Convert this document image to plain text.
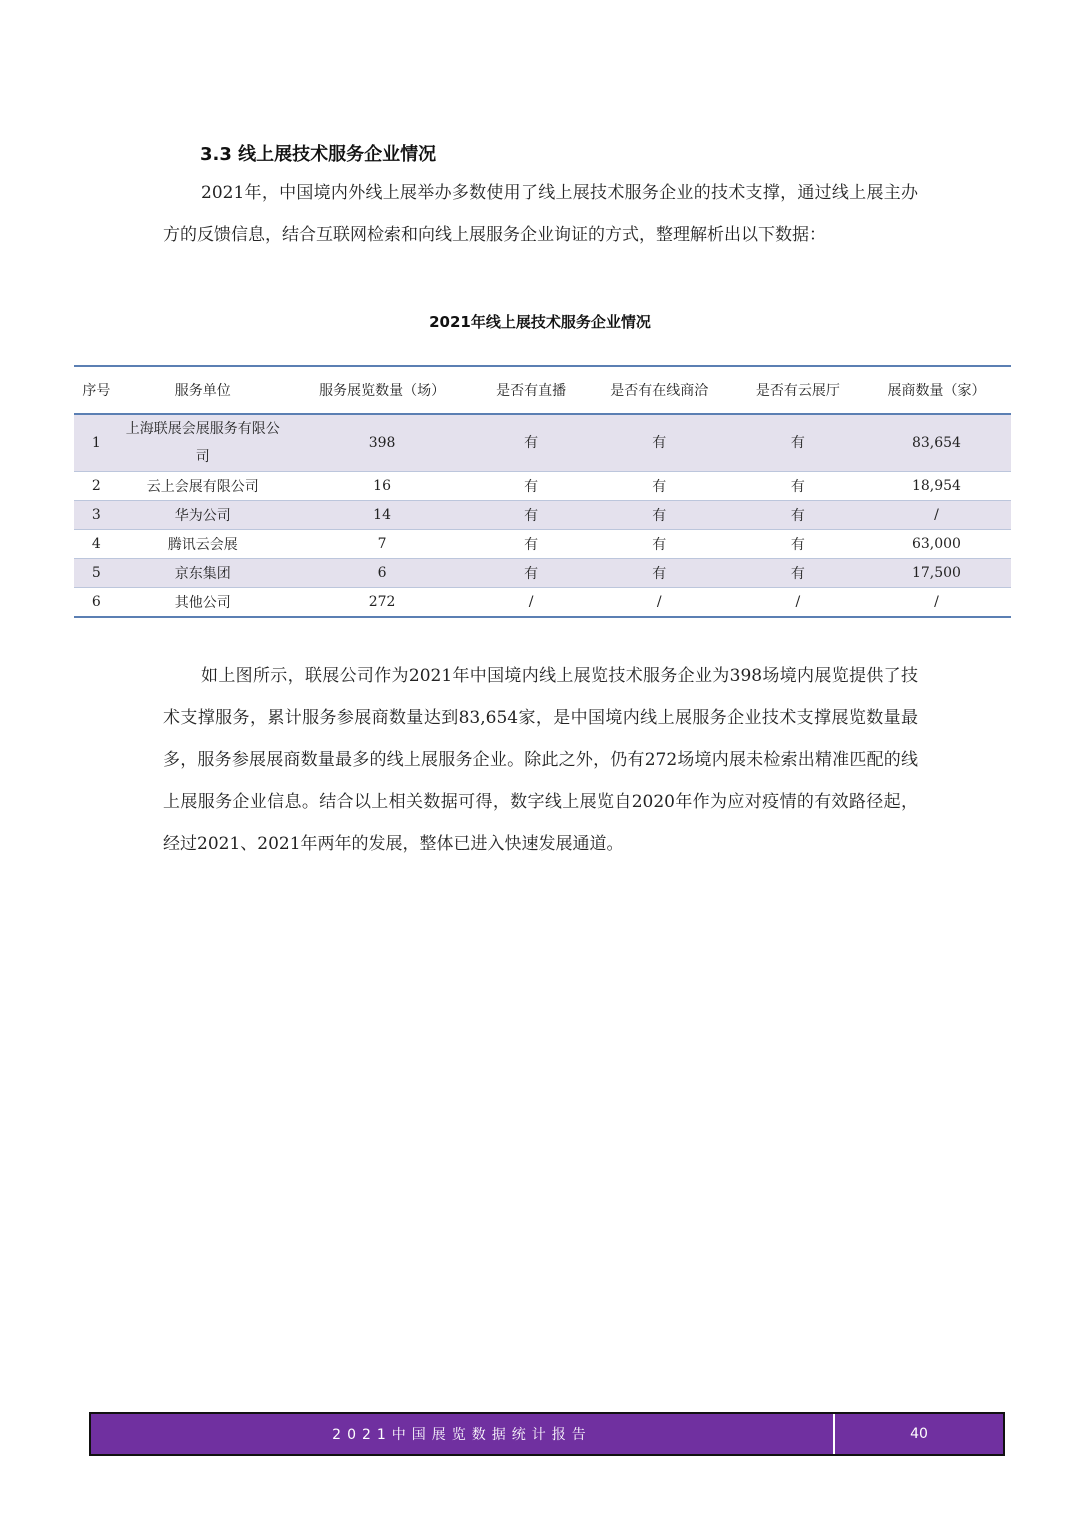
3.3 线上展技术服务企业情况

2021年，中国境内外线上展举办多数使用了线上展技术服务企业的技术支撑，通过线上展主办方的反馈信息，结合互联网检索和向线上展服务企业询证的方式，整理解析出以下数据：

2021年线上展技术服务企业情况
序号	服务单位	服务展览数量（场）	是否有直播	是否有在线商洽	是否有云展厅	展商数量（家）
1	上海联展会展服务有限公司	398	有	有	有	83,654
2	云上会展有限公司	16	有	有	有	18,954
3	华为公司	14	有	有	有	/
4	腾讯云会展	7	有	有	有	63,000
5	京东集团	6	有	有	有	17,500
6	其他公司	272	/	/	/	/

如上图所示，联展公司作为2021年中国境内线上展览技术服务企业为398场境内展览提供了技术支撑服务，累计服务参展商数量达到83,654家，是中国境内线上展服务企业技术支撑展览数量最多，服务参展展商数量最多的线上展服务企业。除此之外，仍有272场境内展未检索出精准匹配的线上展服务企业信息。结合以上相关数据可得，数字线上展览自2020年作为应对疫情的有效路径起，经过2021、2021年两年的发展，整体已进入快速发展通道。

2021中国展览数据统计报告	40
